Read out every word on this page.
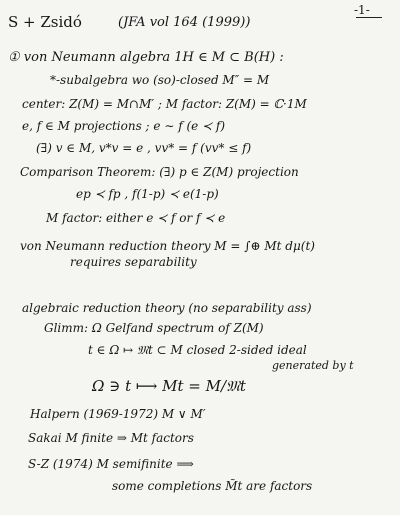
S + Zsidó	(JFA vol 164 (1999))
-1-
① von Neumann algebra 1H ∈ M ⊂ B(H) :
*-subalgebra wo (so)-closed M″ = M
center: Z(M) = M∩M′ ; M factor: Z(M) = ℂ·1M
e, f ∈ M projections ; e ∼ f (e ≺ f)
(∃) v ∈ M, v*v = e , vv* = f (vv* ≤ f)
Comparison Theorem: (∃) p ∈ Z(M) projection
ep ≺ fp , f(1-p) ≺ e(1-p)
M factor: either e ≺ f or f ≺ e
von Neumann reduction theory M = ∫⊕ Mt dμ(t)
requires separability
algebraic reduction theory (no separability ass)
Glimm: Ω Gelfand spectrum of Z(M)
t ∈ Ω ↦ 𝔐t ⊂ M closed 2-sided ideal
generated by t
Ω ∋ t ⟼ Mt = M/𝔐t
Halpern (1969-1972) M ∨ M′
Sakai M finite ⇒ Mt factors
S-Z (1974) M semifinite ⟹
some completions M̃t are factors
